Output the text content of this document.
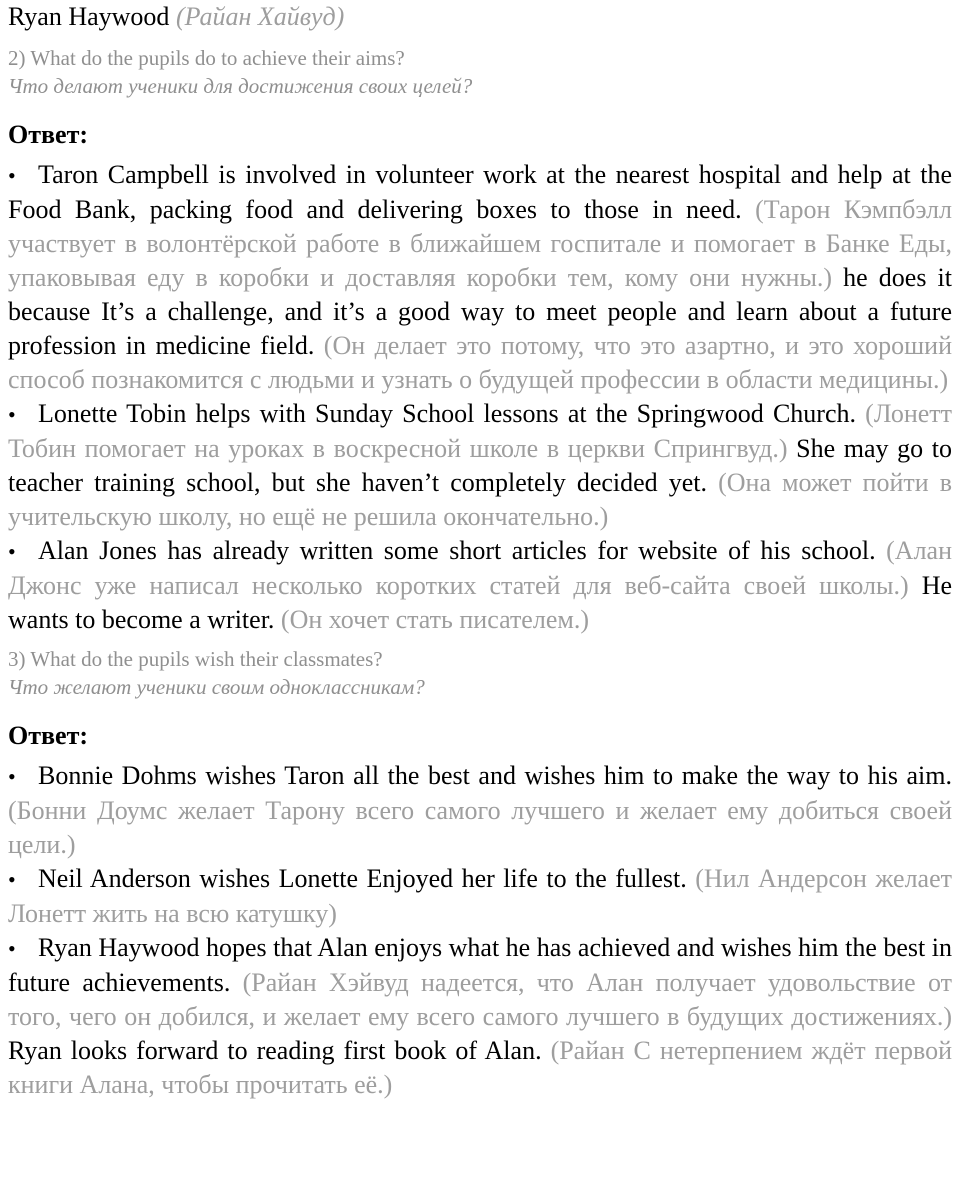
Ryan Haywood (Райан Хайвуд)

2) What do the pupils do to achieve their aims?

Что делают ученики для достижения своих целей?

Ответ:

• Taron Campbell is involved in volunteer work at the nearest hospital and help at the Food Bank, packing food and delivering boxes to those in need. (Тарон Кэмпбэлл участвует в волонтёрской работе в ближайшем госпитале и помогает в Банке Еды, упаковывая еду в коробки и доставляя коробки тем, кому они нужны.) he does it because It’s a challenge, and it’s a good way to meet people and learn about a future profession in medicine field. (Он делает это потому, что это азартно, и это хороший способ познакомится с людьми и узнать о будущей профессии в области медицины.)

• Lonette Tobin helps with Sunday School lessons at the Springwood Church. (Лонетт Тобин помогает на уроках в воскресной школе в церкви Спрингвуд.) She may go to teacher training school, but she haven’t completely decided yet. (Она может пойти в учительскую школу, но ещё не решила окончательно.)

• Alan Jones has already written some short articles for website of his school. (Алан Джонс уже написал несколько коротких статей для веб-сайта своей школы.) He wants to become a writer. (Он хочет стать писателем.)

3) What do the pupils wish their classmates?

Что желают ученики своим одноклассникам?

Ответ:

• Bonnie Dohms wishes Taron all the best and wishes him to make the way to his aim. (Бонни Доумс желает Тарону всего самого лучшего и желает ему добиться своей цели.)

• Neil Anderson wishes Lonette Enjoyed her life to the fullest. (Нил Андерсон желает Лонетт жить на всю катушку)

• Ryan Haywood hopes that Alan enjoys what he has achieved and wishes him the best in future achievements. (Райан Хэйвуд надеется, что Алан получает удовольствие от того, чего он добился, и желает ему всего самого лучшего в будущих достижениях.) Ryan looks forward to reading first book of Alan. (Райан С нетерпением ждёт первой книги Алана, чтобы прочитать её.)
